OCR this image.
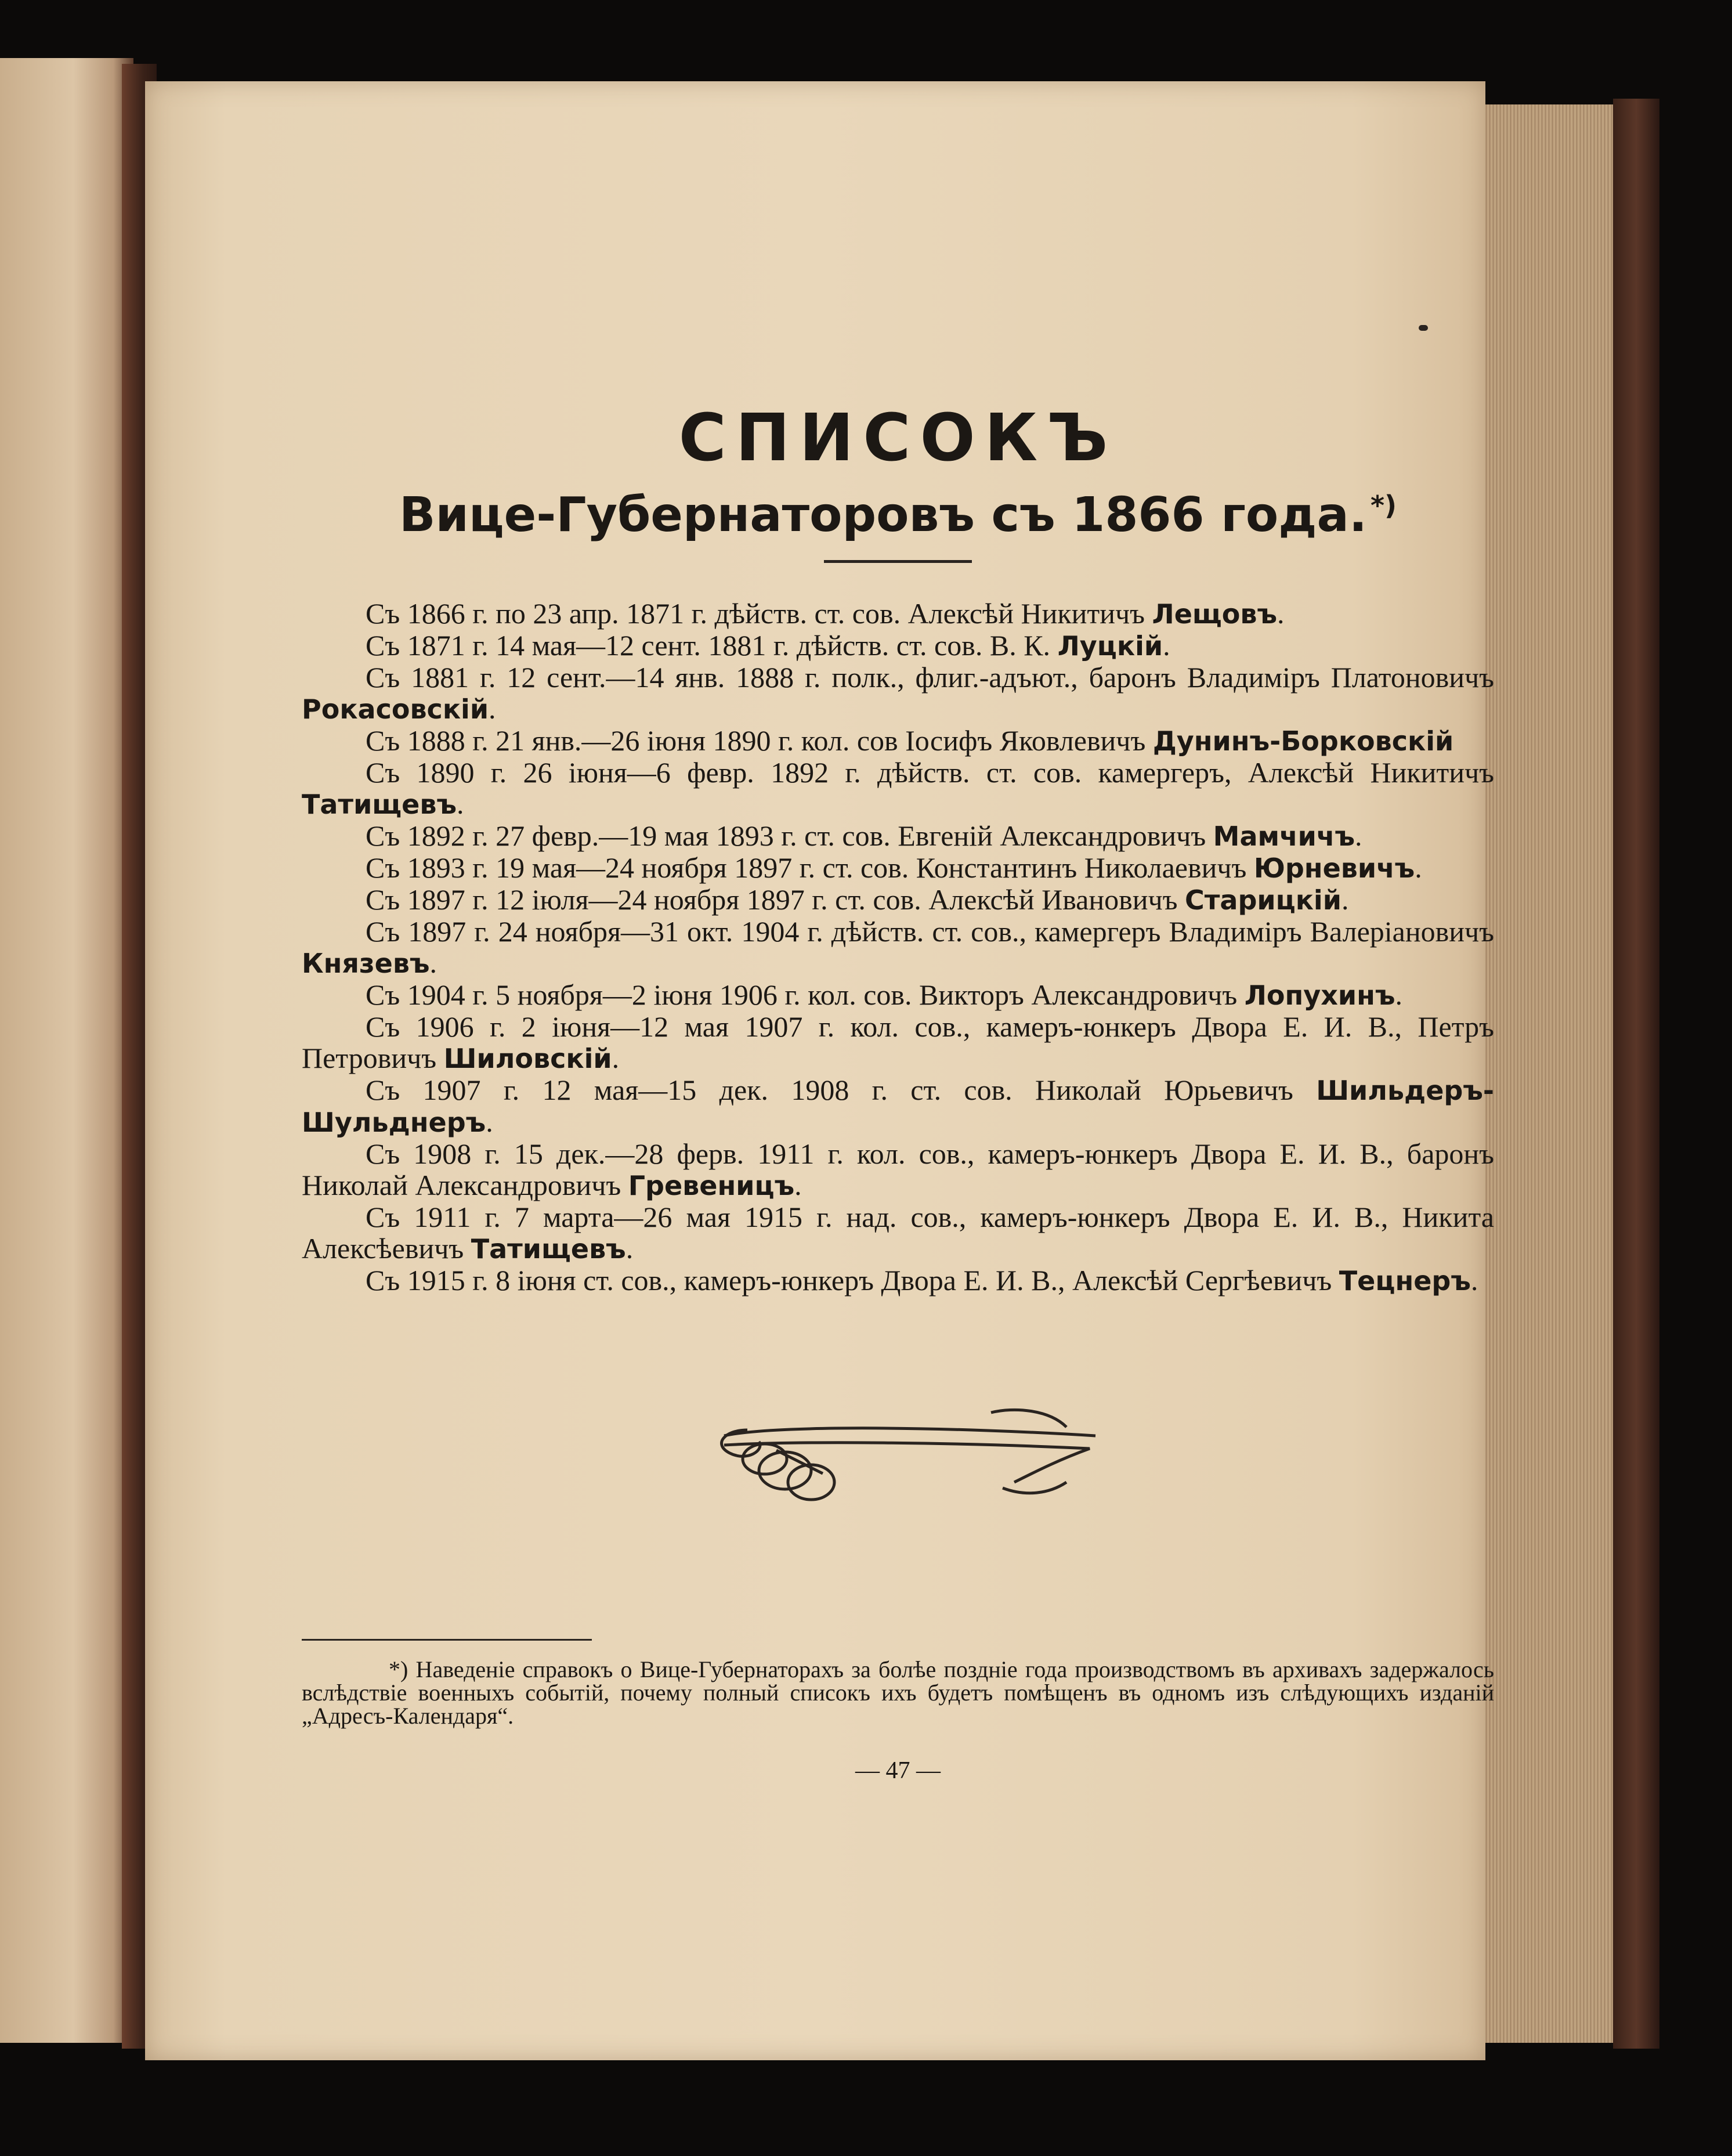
СПИСОКЪ
Вице-Губернаторовъ съ 1866 года. *)

Съ 1866 г. по 23 апр. 1871 г. дѣйств. ст. сов. Алексѣй Никитичъ Лещовъ.

Съ 1871 г. 14 мая—12 сент. 1881 г. дѣйств. ст. сов. В. К. Луцкій.

Съ 1881 г. 12 сент.—14 янв. 1888 г. полк., флиг.-адъют., баронъ Владиміръ Платоновичъ Рокасовскій.

Съ 1888 г. 21 янв.—26 іюня 1890 г. кол. сов Іосифъ Яковлевичъ Дунинъ-Борковскій

Съ 1890 г. 26 іюня—6 февр. 1892 г. дѣйств. ст. сов. камергеръ, Алексѣй Никитичъ Татищевъ.

Съ 1892 г. 27 февр.—19 мая 1893 г. ст. сов. Евгеній Александровичъ Мамчичъ.

Съ 1893 г. 19 мая—24 ноября 1897 г. ст. сов. Константинъ Николаевичъ Юрневичъ.

Съ 1897 г. 12 іюля—24 ноября 1897 г. ст. сов. Алексѣй Ивановичъ Старицкій.

Съ 1897 г. 24 ноября—31 окт. 1904 г. дѣйств. ст. сов., камергеръ Владиміръ Валеріановичъ Князевъ.

Съ 1904 г. 5 ноября—2 іюня 1906 г. кол. сов. Викторъ Александровичъ Лопухинъ.

Съ 1906 г. 2 іюня—12 мая 1907 г. кол. сов., камеръ-юнкеръ Двора Е. И. В., Петръ Петровичъ Шиловскій.

Съ 1907 г. 12 мая—15 дек. 1908 г. ст. сов. Николай Юрьевичъ Шильдеръ-Шульднеръ.

Съ 1908 г. 15 дек.—28 ферв. 1911 г. кол. сов., камеръ-юнкеръ Двора Е. И. В., баронъ Николай Александровичъ Гревеницъ.

Съ 1911 г. 7 марта—26 мая 1915 г. над. сов., камеръ-юнкеръ Двора Е. И. В., Никита Алексѣевичъ Татищевъ.

Съ 1915 г. 8 іюня ст. сов., камеръ-юнкеръ Двора Е. И. В., Алексѣй Сергѣевичъ Тецнеръ.

*) Наведеніе справокъ о Вице-Губернаторахъ за болѣе поздніе года производствомъ въ архивахъ задержалось вслѣдствіе военныхъ событій, почему полный списокъ ихъ будетъ помѣщенъ въ одномъ изъ слѣдующихъ изданій „Адресъ-Календаря“.

— 47 —
